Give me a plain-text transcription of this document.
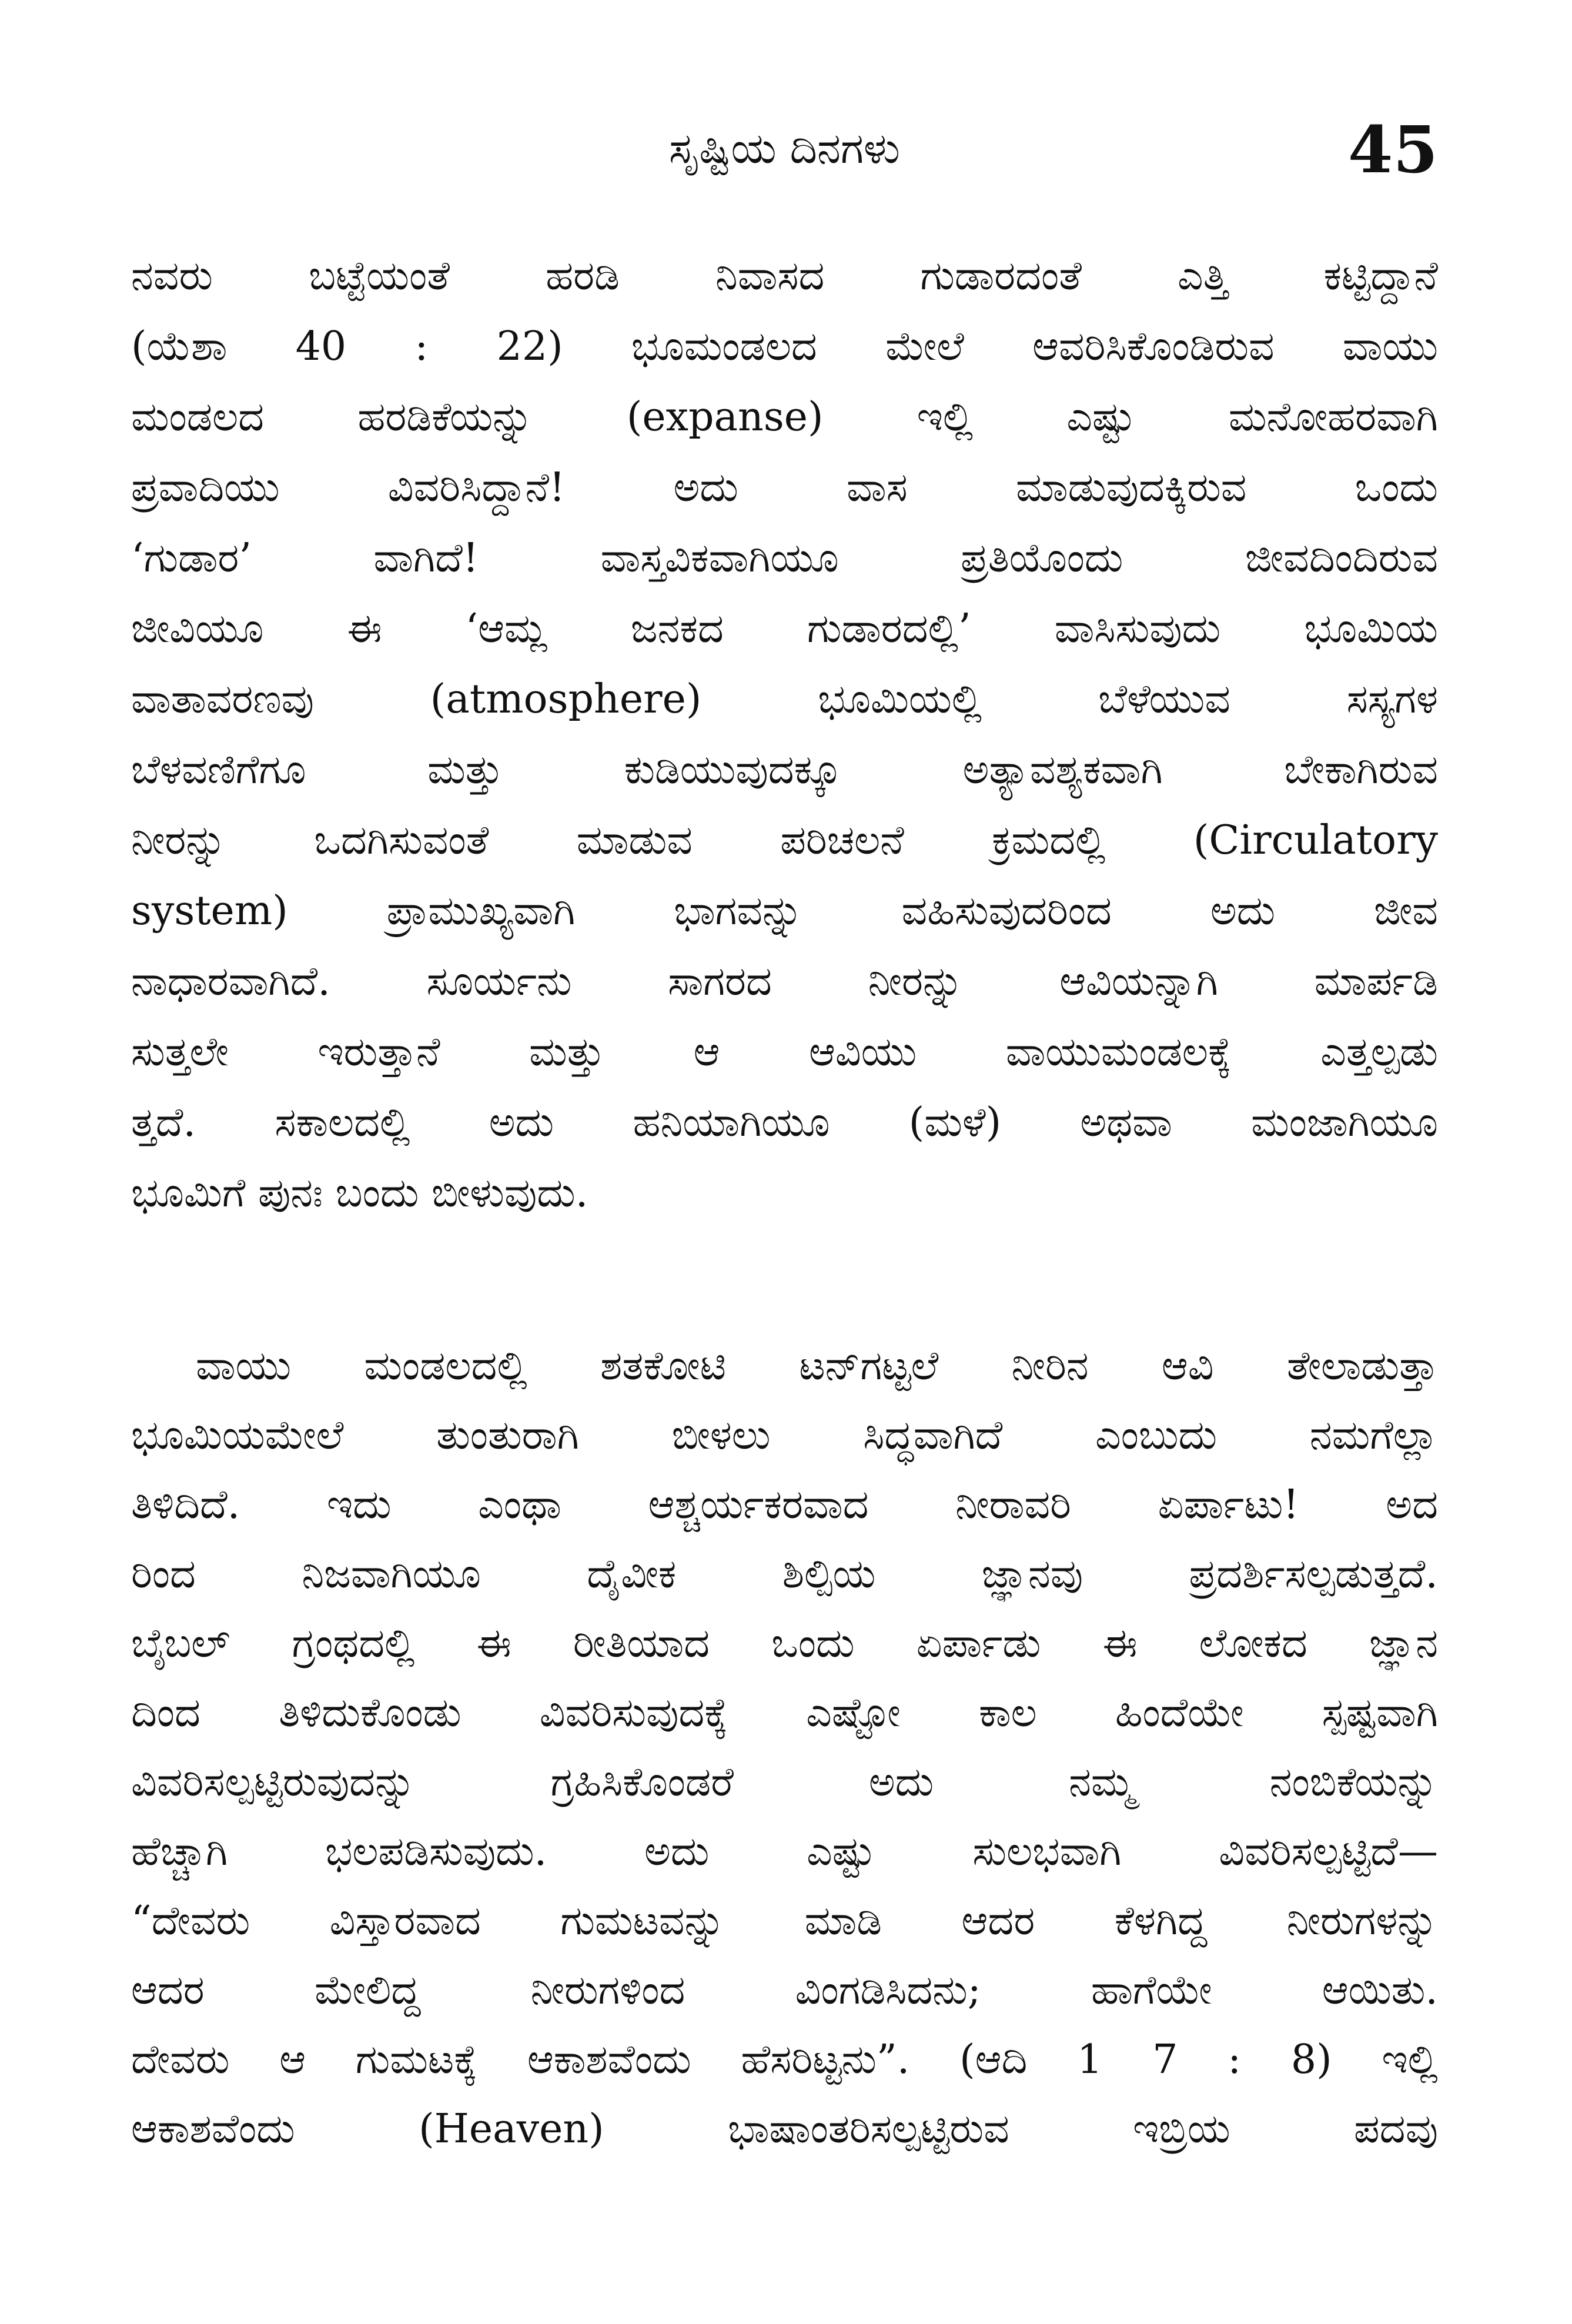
ಸೃಷ್ಟಿಯ ದಿನಗಳು	45
ನವರು ಬಟ್ಟೆಯಂತೆ ಹರಡಿ ನಿವಾಸದ ಗುಡಾರದಂತೆ ಎತ್ತಿ ಕಟ್ಟಿದ್ದಾನೆ
(ಯೆಶಾ 40 : 22) ಭೂಮಂಡಲದ ಮೇಲೆ ಆವರಿಸಿಕೊಂಡಿರುವ ವಾಯು
ಮಂಡಲದ ಹರಡಿಕೆಯನ್ನು (expanse) ಇಲ್ಲಿ ಎಷ್ಟು ಮನೋಹರವಾಗಿ
ಪ್ರವಾದಿಯು ವಿವರಿಸಿದ್ದಾನೆ! ಅದು ವಾಸ ಮಾಡುವುದಕ್ಕಿರುವ ಒಂದು
‘ಗುಡಾರ’ ವಾಗಿದೆ! ವಾಸ್ತವಿಕವಾಗಿಯೂ ಪ್ರತಿಯೊಂದು ಜೀವದಿಂದಿರುವ
ಜೀವಿಯೂ ಈ ‘ಆಮ್ಲ ಜನಕದ ಗುಡಾರದಲ್ಲಿ’ ವಾಸಿಸುವುದು ಭೂಮಿಯ
ವಾತಾವರಣವು (atmosphere) ಭೂಮಿಯಲ್ಲಿ ಬೆಳೆಯುವ ಸಸ್ಯಗಳ
ಬೆಳವಣಿಗೆಗೂ ಮತ್ತು ಕುಡಿಯುವುದಕ್ಕೂ ಅತ್ಯಾವಶ್ಯಕವಾಗಿ ಬೇಕಾಗಿರುವ
ನೀರನ್ನು ಒದಗಿಸುವಂತೆ ಮಾಡುವ ಪರಿಚಲನೆ ಕ್ರಮದಲ್ಲಿ (Circulatory
system) ಪ್ರಾಮುಖ್ಯವಾಗಿ ಭಾಗವನ್ನು ವಹಿಸುವುದರಿಂದ ಅದು ಜೀವ
ನಾಧಾರವಾಗಿದೆ. ಸೂರ್ಯನು ಸಾಗರದ ನೀರನ್ನು ಆವಿಯನ್ನಾಗಿ ಮಾರ್ಪಡಿ
ಸುತ್ತಲೇ ಇರುತ್ತಾನೆ ಮತ್ತು ಆ ಆವಿಯು ವಾಯುಮಂಡಲಕ್ಕೆ ಎತ್ತಲ್ಪಡು
ತ್ತದೆ. ಸಕಾಲದಲ್ಲಿ ಅದು ಹನಿಯಾಗಿಯೂ (ಮಳೆ) ಅಥವಾ ಮಂಜಾಗಿಯೂ
ಭೂಮಿಗೆ ಪುನಃ ಬಂದು ಬೀಳುವುದು.
ವಾಯು ಮಂಡಲದಲ್ಲಿ ಶತಕೋಟಿ ಟನ್‌ಗಟ್ಟಲೆ ನೀರಿನ ಆವಿ ತೇಲಾಡುತ್ತಾ
ಭೂಮಿಯಮೇಲೆ ತುಂತುರಾಗಿ ಬೀಳಲು ಸಿದ್ಧವಾಗಿದೆ ಎಂಬುದು ನಮಗೆಲ್ಲಾ
ತಿಳಿದಿದೆ. ಇದು ಎಂಥಾ ಆಶ್ಚರ್ಯಕರವಾದ ನೀರಾವರಿ ಏರ್ಪಾಟು! ಅದ
ರಿಂದ ನಿಜವಾಗಿಯೂ ದೈವೀಕ ಶಿಲ್ಪಿಯ ಜ್ಞಾನವು ಪ್ರದರ್ಶಿಸಲ್ಪಡುತ್ತದೆ.
ಬೈಬಲ್ ಗ್ರಂಥದಲ್ಲಿ ಈ ರೀತಿಯಾದ ಒಂದು ಏರ್ಪಾಡು ಈ ಲೋಕದ ಜ್ಞಾನ
ದಿಂದ ತಿಳಿದುಕೊಂಡು ವಿವರಿಸುವುದಕ್ಕೆ ಎಷ್ಟೋ ಕಾಲ ಹಿಂದೆಯೇ ಸ್ಪಷ್ಟವಾಗಿ
ವಿವರಿಸಲ್ಪಟ್ಟಿರುವುದನ್ನು ಗ್ರಹಿಸಿಕೊಂಡರೆ ಅದು ನಮ್ಮ ನಂಬಿಕೆಯನ್ನು
ಹೆಚ್ಚಾಗಿ ಭಲಪಡಿಸುವುದು. ಅದು ಎಷ್ಟು ಸುಲಭವಾಗಿ ವಿವರಿಸಲ್ಪಟ್ಟಿದೆ—
“ದೇವರು ವಿಸ್ತಾರವಾದ ಗುಮಟವನ್ನು ಮಾಡಿ ಆದರ ಕೆಳಗಿದ್ದ ನೀರುಗಳನ್ನು
ಆದರ ಮೇಲಿದ್ದ ನೀರುಗಳಿಂದ ವಿಂಗಡಿಸಿದನು; ಹಾಗೆಯೇ ಆಯಿತು.
ದೇವರು ಆ ಗುಮಟಕ್ಕೆ ಆಕಾಶವೆಂದು ಹೆಸರಿಟ್ಟನು”. (ಆದಿ 1 7 : 8) ಇಲ್ಲಿ
ಆಕಾಶವೆಂದು (Heaven) ಭಾಷಾಂತರಿಸಲ್ಪಟ್ಟಿರುವ ಇಬ್ರಿಯ ಪದವು
